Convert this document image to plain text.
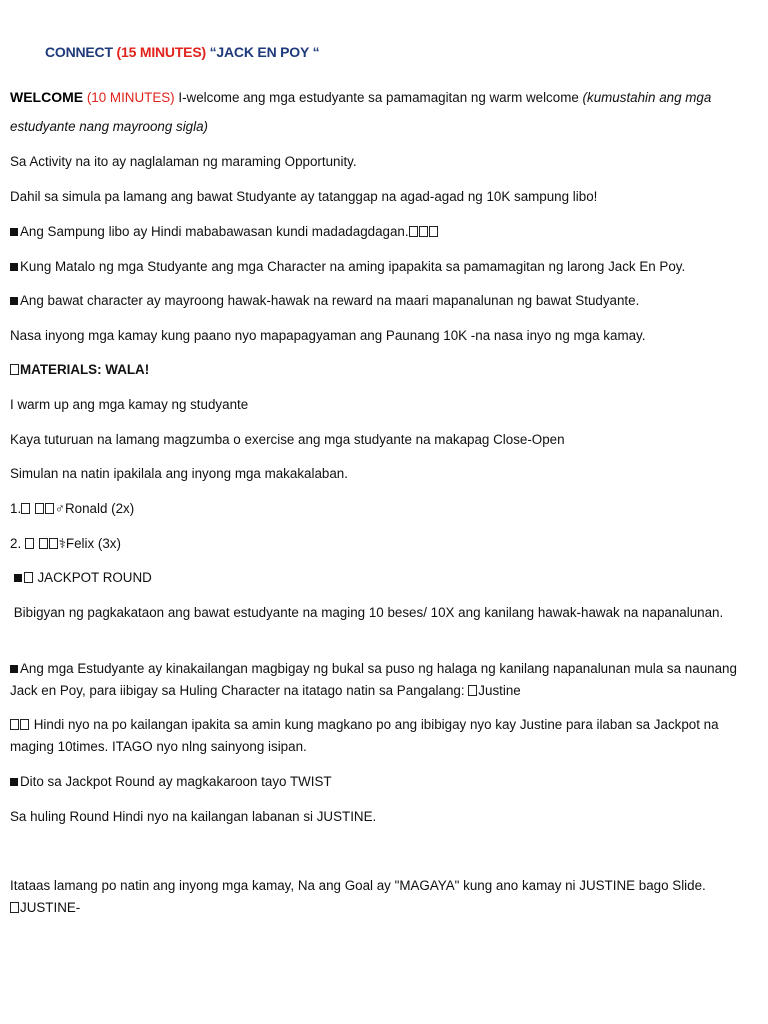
CONNECT (15 MINUTES) “JACK EN POY “
WELCOME (10 MINUTES) I-welcome ang mga estudyante sa pamamagitan ng warm welcome (kumustahin ang mga estudyante nang mayroong sigla)
Sa Activity na ito ay naglalaman ng maraming Opportunity.
Dahil sa simula pa lamang ang bawat Studyante ay tatanggap na agad-agad ng 10K sampung libo!
Ang Sampung libo ay Hindi mababawasan kundi madadagdagan.
Kung Matalo ng mga Studyante ang mga Character na aming ipapakita sa pamamagitan ng larong Jack En Poy.
Ang bawat character ay mayroong hawak-hawak na reward na maari mapanalunan ng bawat Studyante.
Nasa inyong mga kamay kung paano nyo mapapagyaman ang Paunang 10K -na nasa inyo ng mga kamay.
MATERIALS: WALA!
I warm up ang mga kamay ng studyante
Kaya tuturuan na lamang magzumba o exercise ang mga studyante na makapag Close-Open
Simulan na natin ipakilala ang inyong mga makakalaban.
1.	♂Ronald (2x)
2.	⚕Felix (3x)
JACKPOT ROUND
Bibigyan ng pagkakataon ang bawat estudyante na maging 10 beses/ 10X ang kanilang hawak-hawak na napanalunan.
Ang mga Estudyante ay kinakailangan magbigay ng bukal sa puso ng halaga ng kanilang napanalunan mula sa naunang Jack en Poy, para iibigay sa Huling Character na itatago natin sa Pangalang: Justine
Hindi nyo na po kailangan ipakita sa amin kung magkano po ang ibibigay nyo kay Justine para ilaban sa Jackpot na maging 10times. ITAGO nyo nlng sainyong isipan.
Dito sa Jackpot Round ay magkakaroon tayo TWIST
Sa huling Round Hindi nyo na kailangan labanan si JUSTINE.
Itataas lamang po natin ang inyong mga kamay, Na ang Goal ay "MAGAYA" kung ano kamay ni JUSTINE bago Slide.
JUSTINE-
